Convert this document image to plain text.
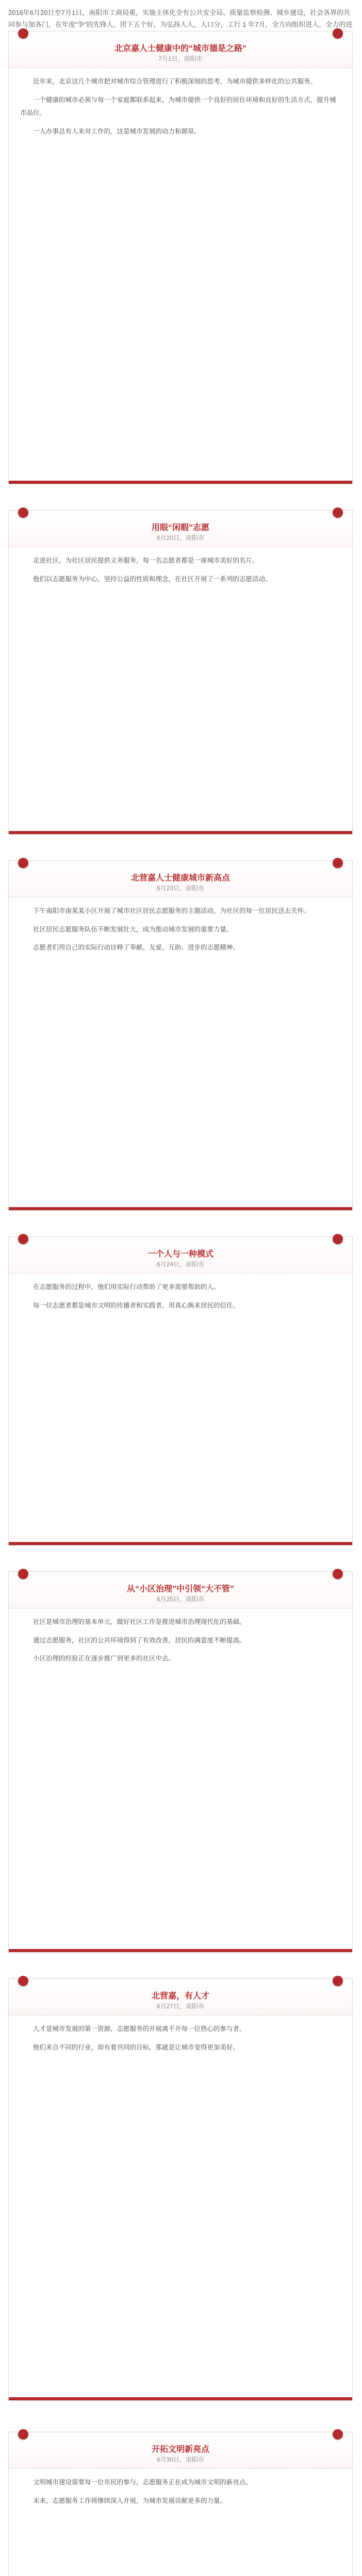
2016年6月20日至7月1日，南阳市工商局重，实施主体化全有公共安全局、质量监察检测、城乡建设，社会各界的共同参与加各门，在年度“争”的先锋人，团下五个好，为弘扬人人，人口分，工行 1 年7月，全方向组织进入，全力的进
北京嘉人士健康中的“城市德是之路”
7月1日，南阳市

近年来，北京这几个城市把对城市综合管理进行了积极深刻的思考，为城市提供多样化的公共服务。

一个健康的城市必须与每一个家庭都联系起来，为城市提供一个良好的居住环境和良好的生活方式，提升城市品位。

一人办事总有人来对工作的，这是城市发展的动力和源泉。

用眼“闲暇”志愿
6月20日，南阳市

走进社区，为社区居民提供义务服务，每一名志愿者都是一座城市美好的名片。

他们以志愿服务为中心，坚持公益的性质和理念，在社区开展了一系列的志愿活动。

北营嘉人士健康城市新高点
6月23日，南阳市

下午南阳市南某某小区开展了城市社区居民志愿服务的主题活动，为社区的每一位居民送去关怀。

社区居民志愿服务队伍不断发展壮大，成为推动城市发展的重要力量。

志愿者们用自己的实际行动诠释了奉献、友爱、互助、进步的志愿精神。

一个人与一种模式
6月24日，南阳市

在志愿服务的过程中，他们用实际行动帮助了更多需要帮助的人。

每一位志愿者都是城市文明的传播者和实践者，用真心换来居民的信任。

从“小区治理”中引领“大不管”
6月25日，南阳市

社区是城市治理的基本单元，做好社区工作是推进城市治理现代化的基础。

通过志愿服务，社区的公共环境得到了有效改善，居民的满意度不断提高。

小区治理的经验正在逐步推广到更多的社区中去。

北营嘉，有人才
6月27日，南阳市

人才是城市发展的第一资源，志愿服务的开展离不开每一位热心的参与者。

他们来自不同的行业，却有着共同的目标，那就是让城市变得更加美好。

开拓文明新亮点
6月30日，南阳市

文明城市建设需要每一位市民的参与，志愿服务正在成为城市文明的新亮点。

未来，志愿服务工作将继续深入开展，为城市发展贡献更多的力量。
